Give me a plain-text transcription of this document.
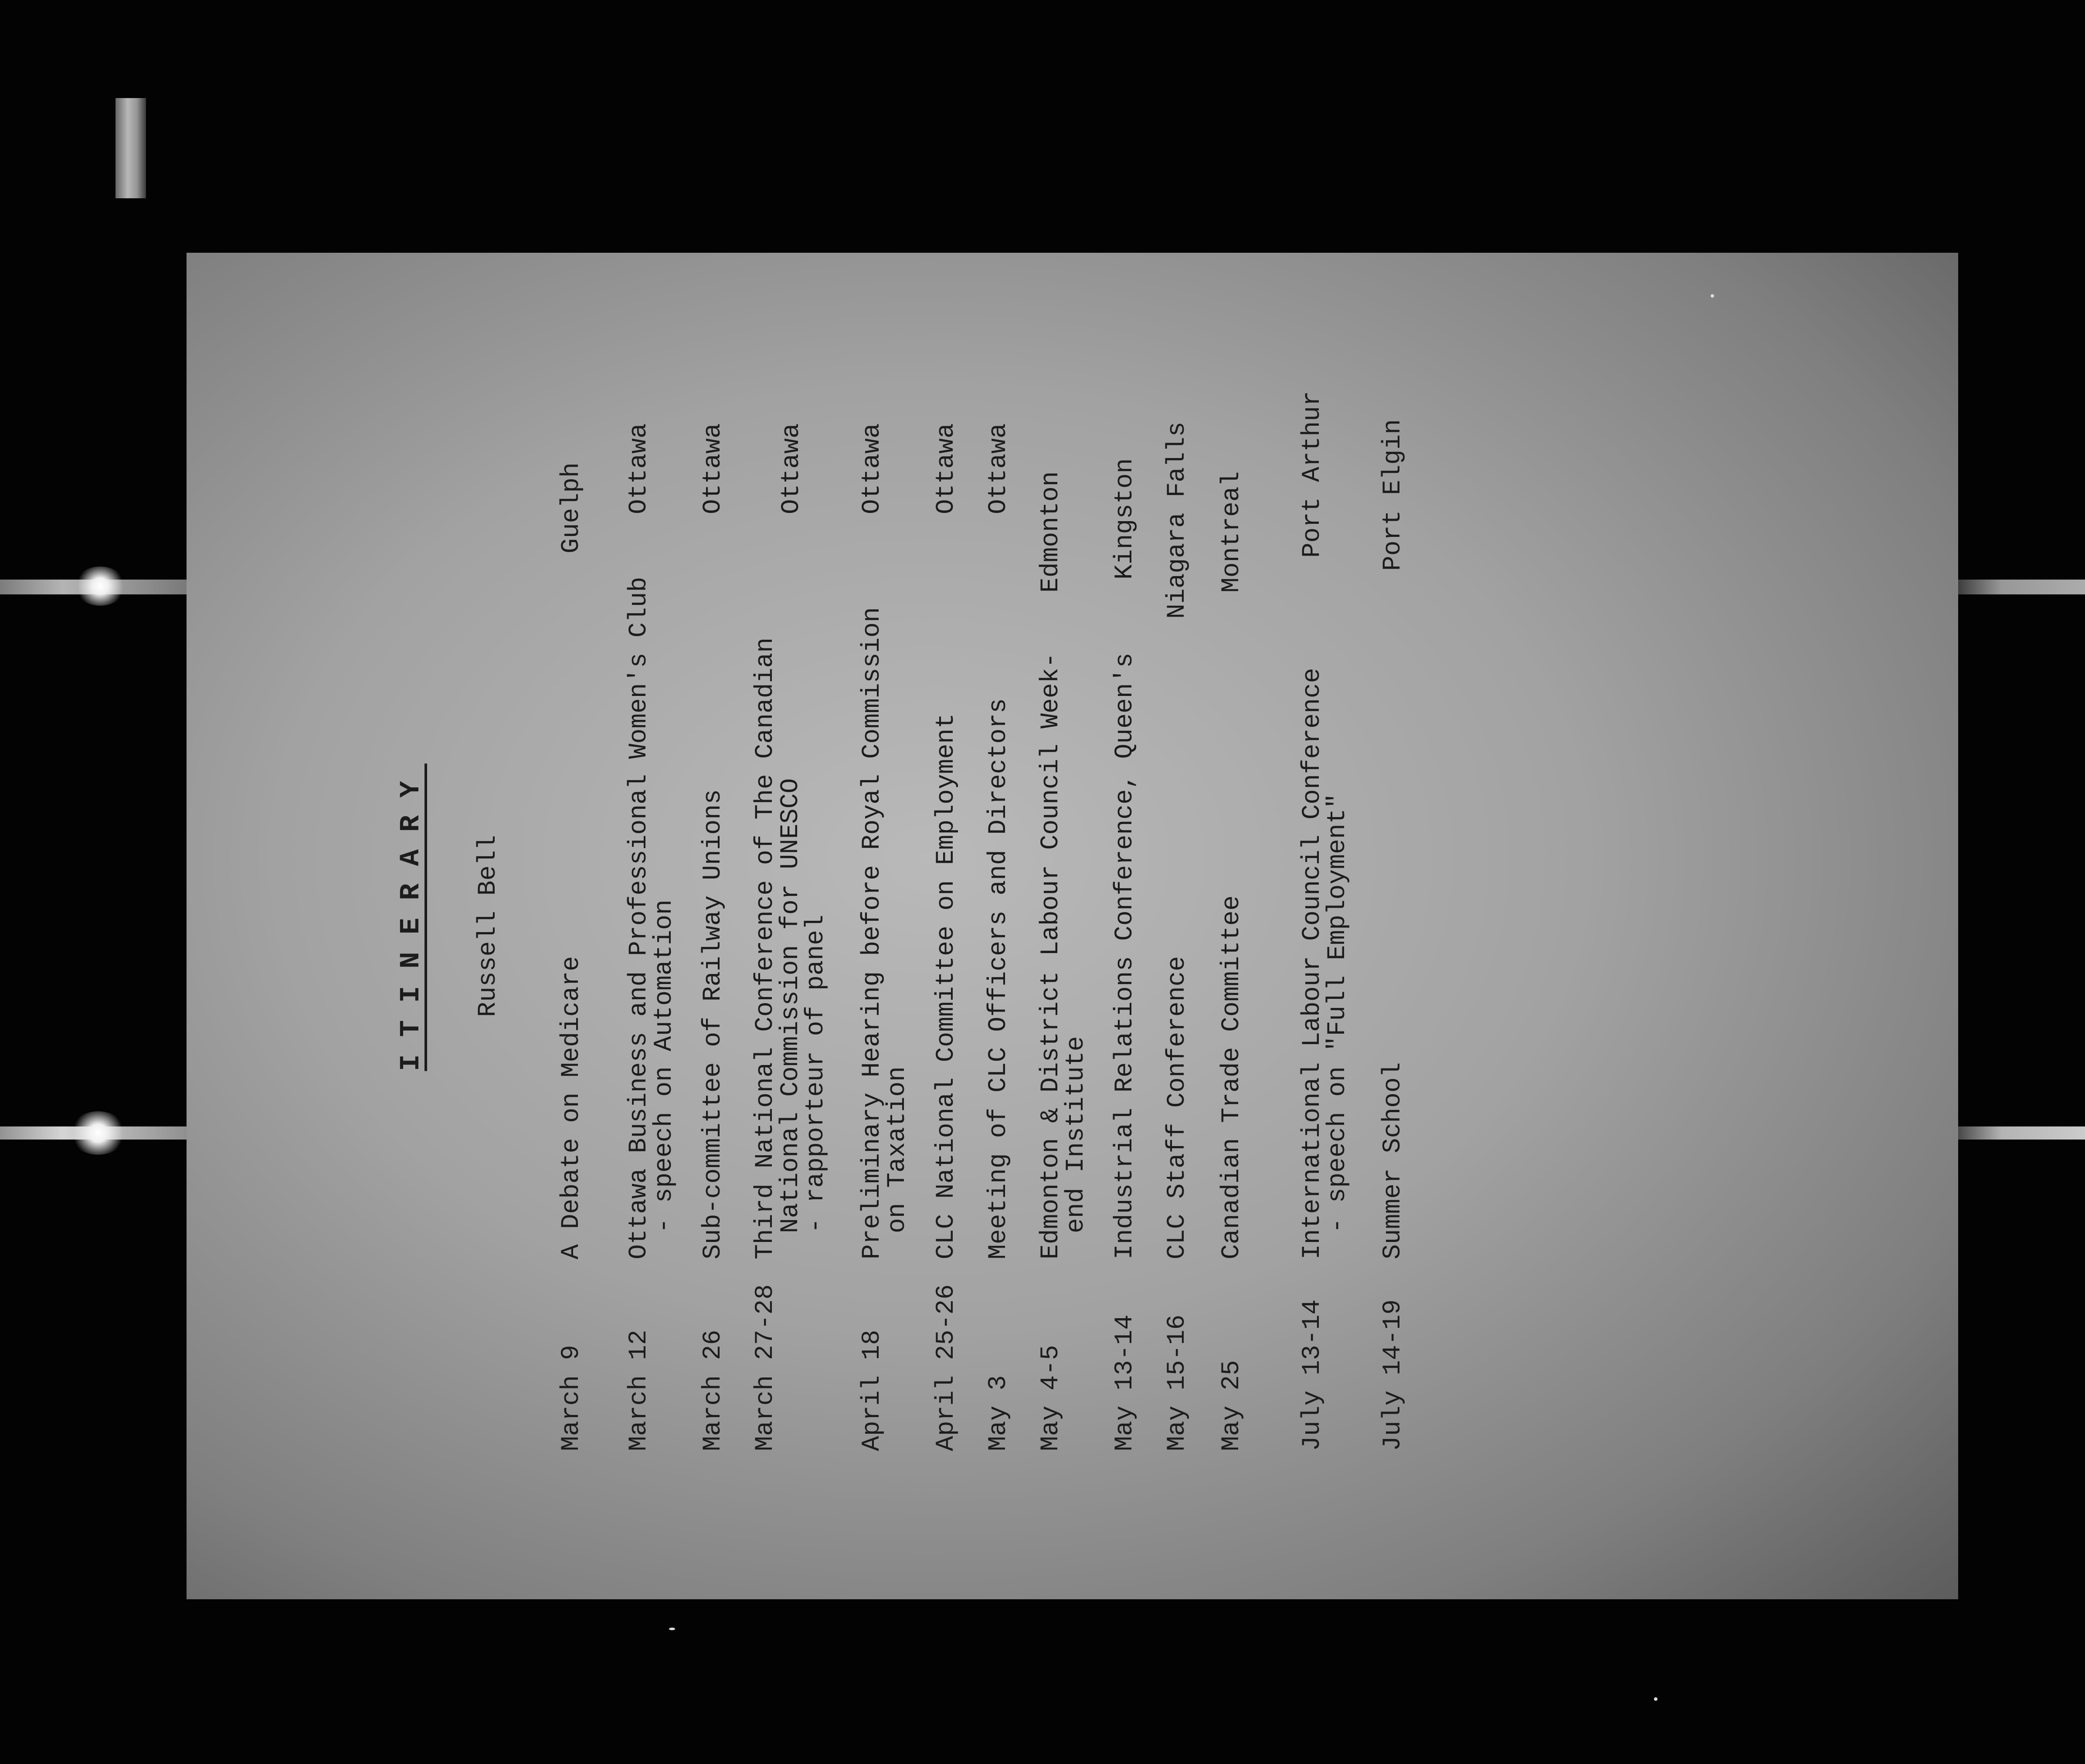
ITINERARY Russell Bell
March 9
A Debate on Medicare
Guelph
March 12
Ottawa Business and Professional Women's Club
- speech on Automation
Ottawa
March 26
Sub-committee of Railway Unions
Ottawa
March 27-28
Third National Conference of The Canadian
National Commission for UNESCO
- rapporteur of panel
Ottawa
April 18
Preliminary Hearing before Royal Commission
on Taxation
Ottawa
April 25-26
CLC National Committee on Employment
Ottawa
May 3
Meeting of CLC Officers and Directors
Ottawa
May 4-5
Edmonton & District Labour Council Week-
end Institute
Edmonton
May 13-14
Industrial Relations Conference, Queen's
Kingston
May 15-16
CLC Staff Conference
Niagara Falls
May 25
Canadian Trade Committee
Montreal
July 13-14
International Labour Council Conference
- speech on "Full Employment"
Port Arthur
July 14-19
Summer School
Port Elgin
